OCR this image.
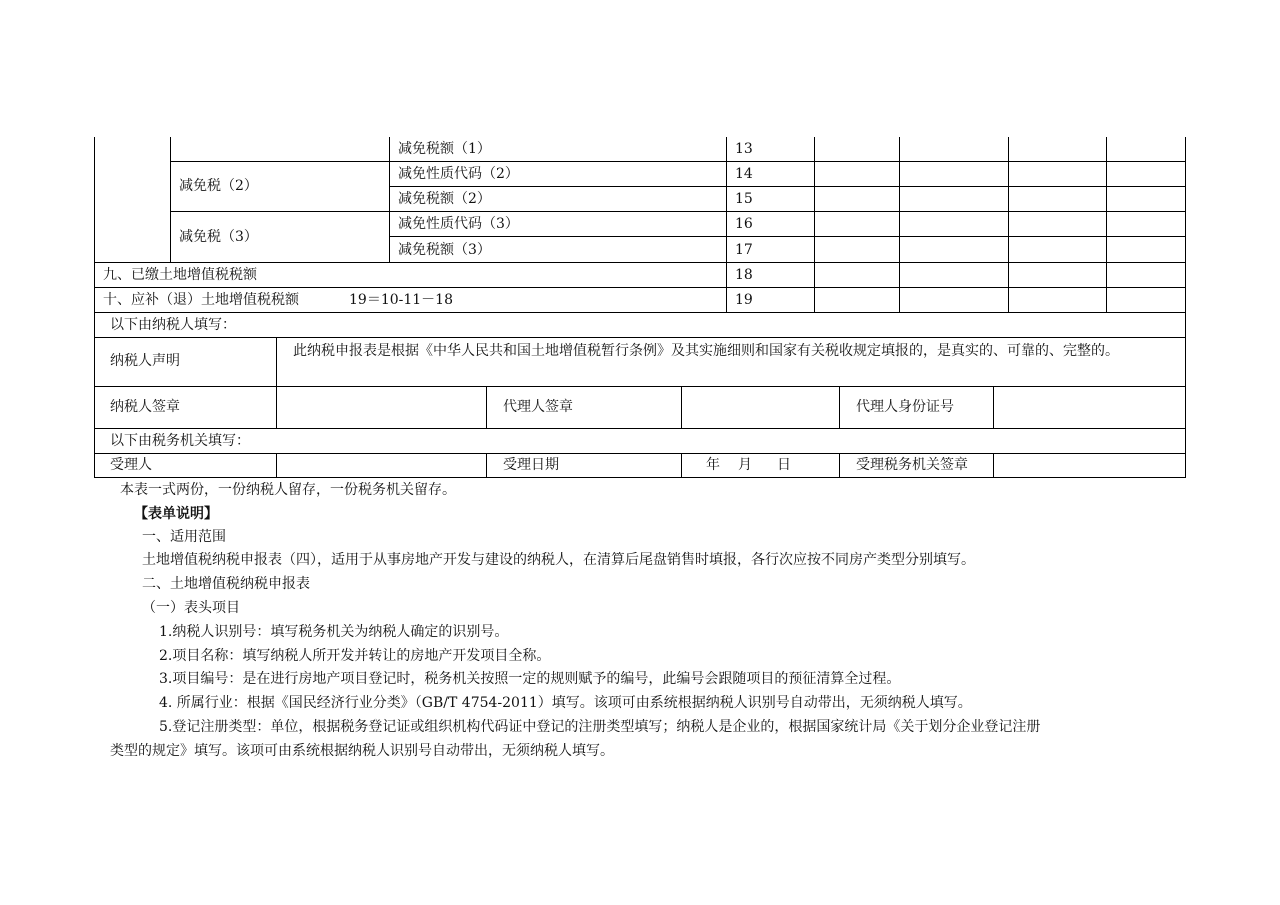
减免税额（1）	13
减免税（2）
减免性质代码（2）	14
减免税额（2）	15
减免税（3）
减免性质代码（3）	16
减免税额（3）	17
九、已缴土地增值税税额	18
十、应补（退）土地增值税税额	19＝10-11－18	19
以下由纳税人填写：
纳税人声明
此纳税申报表是根据《中华人民共和国土地增值税暂行条例》及其实施细则和国家有关税收规定填报的，是真实的、可靠的、完整的。
纳税人签章	代理人签章	代理人身份证号
以下由税务机关填写：
受理人	受理日期	年 月 日	受理税务机关签章
本表一式两份，一份纳税人留存，一份税务机关留存。
【表单说明】
一、适用范围
土地增值税纳税申报表（四），适用于从事房地产开发与建设的纳税人，在清算后尾盘销售时填报，各行次应按不同房产类型分别填写。
二、土地增值税纳税申报表
（一）表头项目
1.纳税人识别号：填写税务机关为纳税人确定的识别号。
2.项目名称：填写纳税人所开发并转让的房地产开发项目全称。
3.项目编号：是在进行房地产项目登记时，税务机关按照一定的规则赋予的编号，此编号会跟随项目的预征清算全过程。
4. 所属行业：根据《国民经济行业分类》（GB/T 4754-2011）填写。该项可由系统根据纳税人识别号自动带出，无须纳税人填写。
5.登记注册类型：单位，根据税务登记证或组织机构代码证中登记的注册类型填写；纳税人是企业的，根据国家统计局《关于划分企业登记注册
类型的规定》填写。该项可由系统根据纳税人识别号自动带出，无须纳税人填写。
